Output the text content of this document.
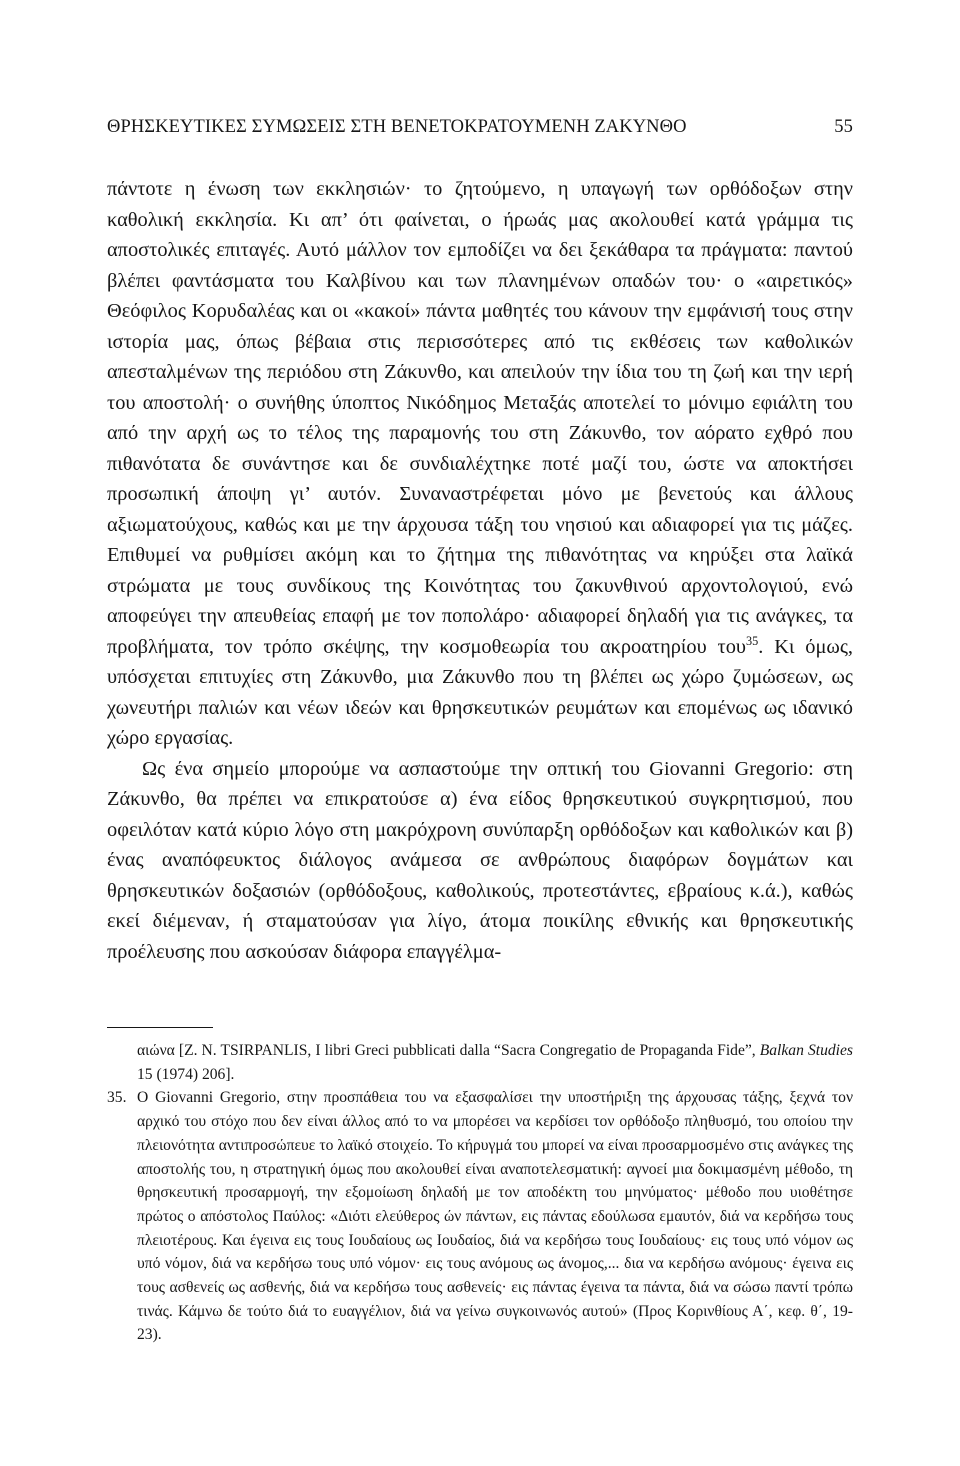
ΘΡΗΣΚΕΥΤΙΚΕΣ ΣΥΜΩΣΕΙΣ ΣΤΗ ΒΕΝΕΤΟΚΡΑΤΟΥΜΕΝΗ ΖΑΚΥΝΘΟ	55

πάντοτε η ένωση των εκκλησιών· το ζητούμενο, η υπαγωγή των ορθόδοξων στην καθολική εκκλησία. Κι απ’ ότι φαίνεται, ο ήρωάς μας ακολουθεί κατά γράμμα τις αποστολικές επιταγές. Αυτό μάλλον τον εμποδίζει να δει ξεκάθαρα τα πράγματα: παντού βλέπει φαντάσματα του Καλβίνου και των πλανημένων οπαδών του· ο «αιρετικός» Θεόφιλος Κορυδαλέας και οι «κακοί» πάντα μαθητές του κάνουν την εμφάνισή τους στην ιστορία μας, όπως βέβαια στις περισσότερες από τις εκθέσεις των καθολικών απεσταλμένων της περιόδου στη Ζάκυνθο, και απειλούν την ίδια του τη ζωή και την ιερή του αποστολή· ο συνήθης ύποπτος Νικόδημος Μεταξάς αποτελεί το μόνιμο εφιάλτη του από την αρχή ως το τέλος της παραμονής του στη Ζάκυνθο, τον αόρατο εχθρό που πιθανότατα δε συνάντησε και δε συνδιαλέχτηκε ποτέ μαζί του, ώστε να αποκτήσει προσωπική άποψη γι’ αυτόν. Συναναστρέφεται μόνο με βενετούς και άλλους αξιωματούχους, καθώς και με την άρχουσα τάξη του νησιού και αδιαφορεί για τις μάζες. Επιθυμεί να ρυθμίσει ακόμη και το ζήτημα της πιθανότητας να κηρύξει στα λαϊκά στρώματα με τους συνδίκους της Κοινότητας του ζακυνθινού αρχοντολογιού, ενώ αποφεύγει την απευθείας επαφή με τον ποπολάρο· αδιαφορεί δηλαδή για τις ανάγκες, τα προβλήματα, τον τρόπο σκέψης, την κοσμοθεωρία του ακροατηρίου του$^{35}$. Κι όμως, υπόσχεται επιτυχίες στη Ζάκυνθο, μια Ζάκυνθο που τη βλέπει ως χώρο ζυμώσεων, ως χωνευτήρι παλιών και νέων ιδεών και θρησκευτικών ρευμάτων και επομένως ως ιδανικό χώρο εργασίας.

Ως ένα σημείο μπορούμε να ασπαστούμε την οπτική του Giovanni Gregorio: στη Ζάκυνθο, θα πρέπει να επικρατούσε α) ένα είδος θρησκευτικού συγκρητισμού, που οφειλόταν κατά κύριο λόγο στη μακρόχρονη συνύπαρξη ορθόδοξων και καθολικών και β) ένας αναπόφευκτος διάλογος ανάμεσα σε ανθρώπους διαφόρων δογμάτων και θρησκευτικών δοξασιών (ορθόδοξους, καθολικούς, προτεστάντες, εβραίους κ.ά.), καθώς εκεί διέμεναν, ή σταματούσαν για λίγο, άτομα ποικίλης εθνικής και θρησκευτικής προέλευσης που ασκούσαν διάφορα επαγγέλμα-

αιώνα [Z. N. TSIRPANLIS, I libri Greci pubblicati dalla “Sacra Congregatio de Propaganda Fide”, Balkan Studies 15 (1974) 206].
35. Ο Giovanni Gregorio, στην προσπάθεια του να εξασφαλίσει την υποστήριξη της άρχουσας τάξης, ξεχνά τον αρχικό του στόχο που δεν είναι άλλος από το να μπορέσει να κερδίσει τον ορθόδοξο πληθυσμό, του οποίου την πλειονότητα αντιπροσώπευε το λαϊκό στοιχείο. Το κήρυγμά του μπορεί να είναι προσαρμοσμένο στις ανάγκες της αποστολής του, η στρατηγική όμως που ακολουθεί είναι αναποτελεσματική: αγνοεί μια δοκιμασμένη μέθοδο, τη θρησκευτική προσαρμογή, την εξομοίωση δηλαδή με τον αποδέκτη του μηνύματος· μέθοδο που υιοθέτησε πρώτος ο απόστολος Παύλος: «Διότι ελεύθερος ών πάντων, εις πάντας εδούλωσα εμαυτόν, διά να κερδήσω τους πλειοτέρους. Και έγεινα εις τους Ιουδαίους ως Ιουδαίος, διά να κερδήσω τους Ιουδαίους· εις τους υπό νόμον ως υπό νόμον, διά να κερδήσω τους υπό νόμον· εις τους ανόμους ως άνομος,... δια να κερδήσω ανόμους· έγεινα εις τους ασθενείς ως ασθενής, διά να κερδήσω τους ασθενείς· εις πάντας έγεινα τα πάντα, διά να σώσω παντί τρόπω τινάς. Κάμνω δε τούτο διά το ευαγγέλιον, διά να γείνω συγκοινωνός αυτού» (Προς Κορινθίους Α΄, κεφ. θ΄, 19-23).
